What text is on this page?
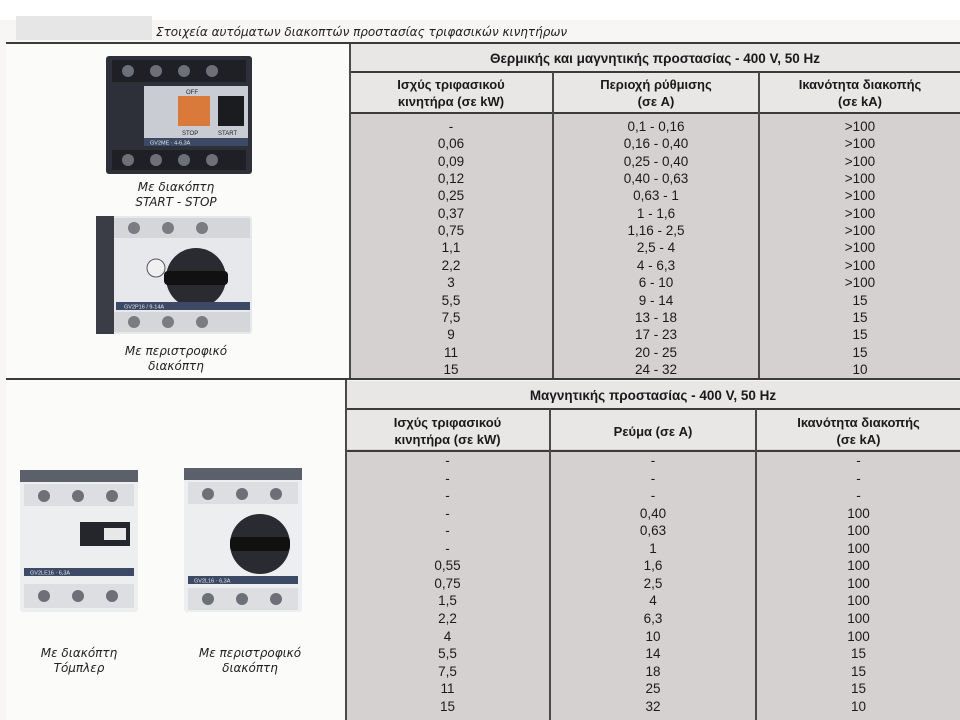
Στοιχεία αυτόματων διακοπτών προστασίας τριφασικών κινητήρων
Θερμικής και μαγνητικής προστασίας - 400 V, 50 Hz
Ισχύς τριφασικού
κινητήρα (σε kW)
Περιοχή ρύθμισης
(σε A)
Ικανότητα διακοπής
(σε kA)
-	0,1 - 0,16	>100
0,06	0,16 - 0,40	>100
0,09	0,25 - 0,40	>100
0,12	0,40 - 0,63	>100
0,25	0,63 - 1	>100
0,37	1 - 1,6	>100
0,75	1,16 - 2,5	>100
1,1	2,5 - 4	>100
2,2	4 - 6,3	>100
3	6 - 10	>100
5,5	9 - 14	15
7,5	13 - 18	15
9	17 - 23	15
11	20 - 25	15
15	24 - 32	10
Μαγνητικής προστασίας - 400 V, 50 Hz
Ισχύς τριφασικού
κινητήρα (σε kW)
Ρεύμα (σε A)
Ικανότητα διακοπής
(σε kA)
-	-	-
-	-	-
-	-	-
-	0,40	100
-	0,63	100
-	1	100
0,55	1,6	100
0,75	2,5	100
1,5	4	100
2,2	6,3	100
4	10	100
5,5	14	15
7,5	18	15
11	25	15
15	32	10
OFF
STOP	START
GV2ME · 4-6,3A
Με διακόπτη
START - STOP
GV2P16 / 9-14A
Με περιστροφικό
διακόπτη
GV2LE16 · 6,3A
Με διακόπτη
Τόμπλερ
GV2L16 · 6,3A
Με περιστροφικό
διακόπτη
